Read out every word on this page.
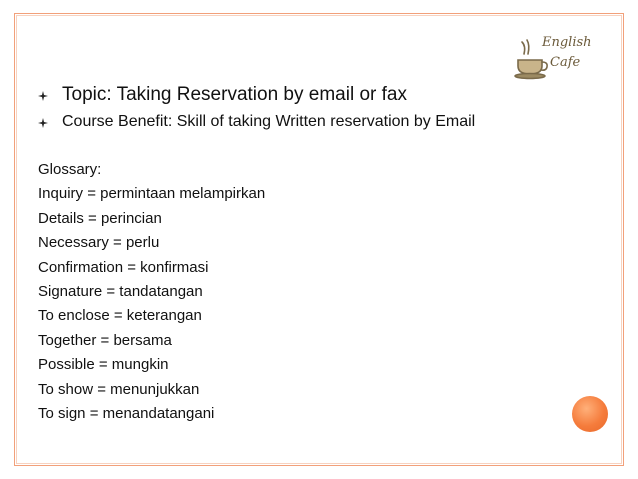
English
Cafe
Topic: Taking Reservation by email or fax
Course Benefit: Skill of taking Written reservation by Email
Glossary:
Inquiry = permintaan melampirkan
Details = perincian
Necessary = perlu
Confirmation = konfirmasi
Signature = tandatangan
To enclose = keterangan
Together = bersama
Possible = mungkin
To show = menunjukkan
To sign = menandatangani
